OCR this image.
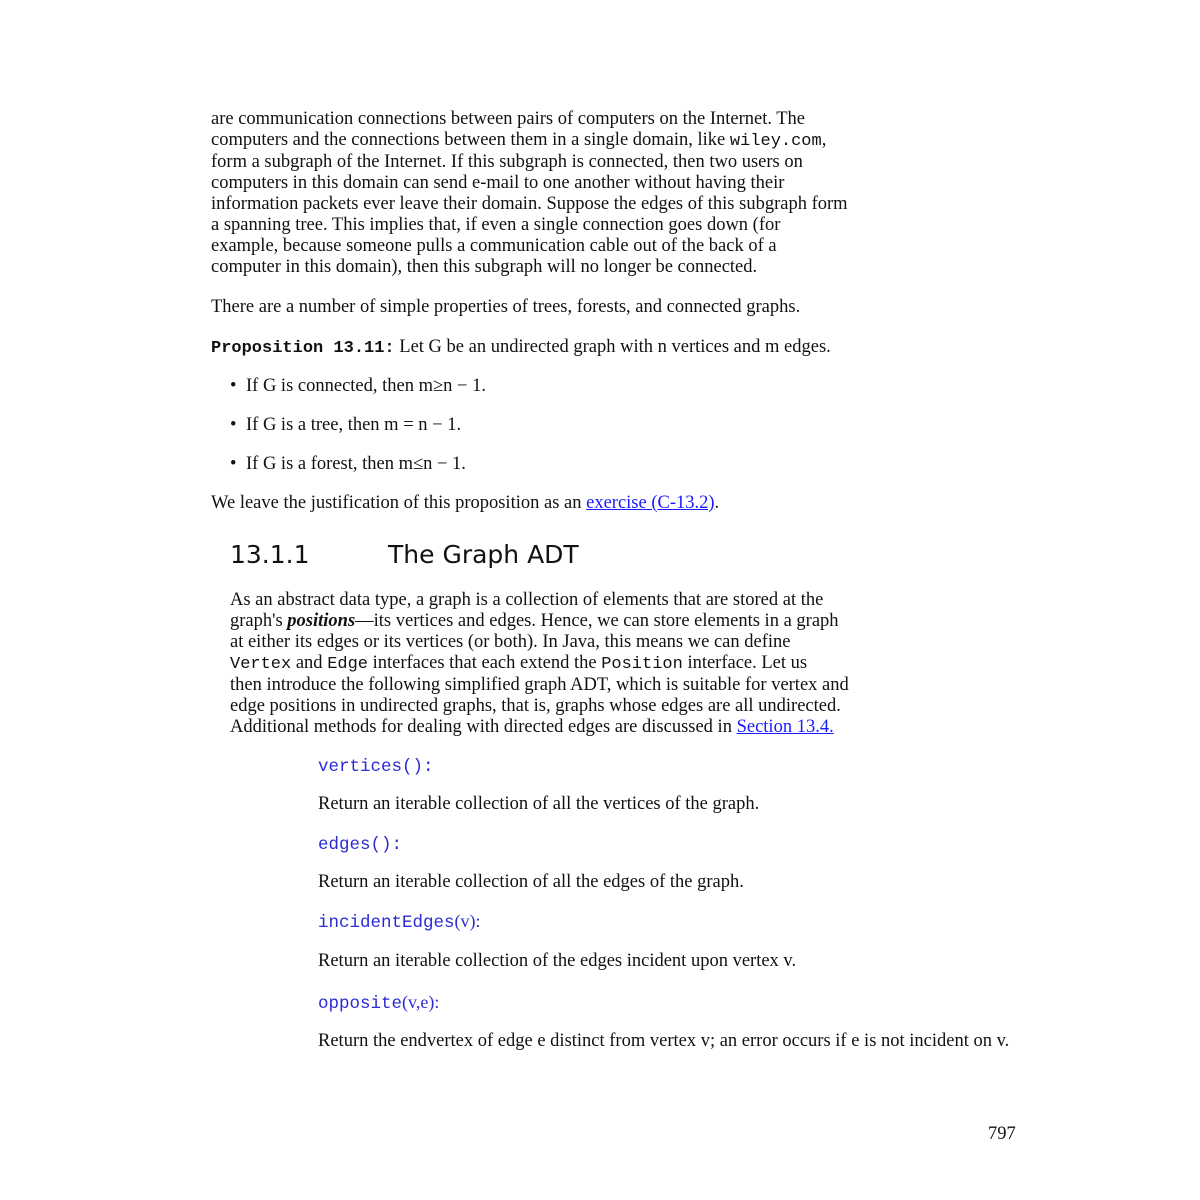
are communication connections between pairs of computers on the Internet. The
computers and the connections between them in a single domain, like wiley.com,
form a subgraph of the Internet. If this subgraph is connected, then two users on
computers in this domain can send e-mail to one another without having their
information packets ever leave their domain. Suppose the edges of this subgraph form
a spanning tree. This implies that, if even a single connection goes down (for
example, because someone pulls a communication cable out of the back of a
computer in this domain), then this subgraph will no longer be connected.
There are a number of simple properties of trees, forests, and connected graphs.
Proposition 13.11: Let G be an undirected graph with n vertices and m edges.
• If G is connected, then m≥n − 1.
• If G is a tree, then m = n − 1.
• If G is a forest, then m≤n − 1.
We leave the justification of this proposition as an exercise (C-13.2).
13.1.1	The Graph ADT
As an abstract data type, a graph is a collection of elements that are stored at the
graph's positions—its vertices and edges. Hence, we can store elements in a graph
at either its edges or its vertices (or both). In Java, this means we can define
Vertex and Edge interfaces that each extend the Position interface. Let us
then introduce the following simplified graph ADT, which is suitable for vertex and
edge positions in undirected graphs, that is, graphs whose edges are all undirected.
Additional methods for dealing with directed edges are discussed in Section 13.4.
vertices():
Return an iterable collection of all the vertices of the graph.
edges():
Return an iterable collection of all the edges of the graph.
incidentEdges(v):
Return an iterable collection of the edges incident upon vertex v.
opposite(v,e):
Return the endvertex of edge e distinct from vertex v; an error occurs if e is not incident on v.
797
